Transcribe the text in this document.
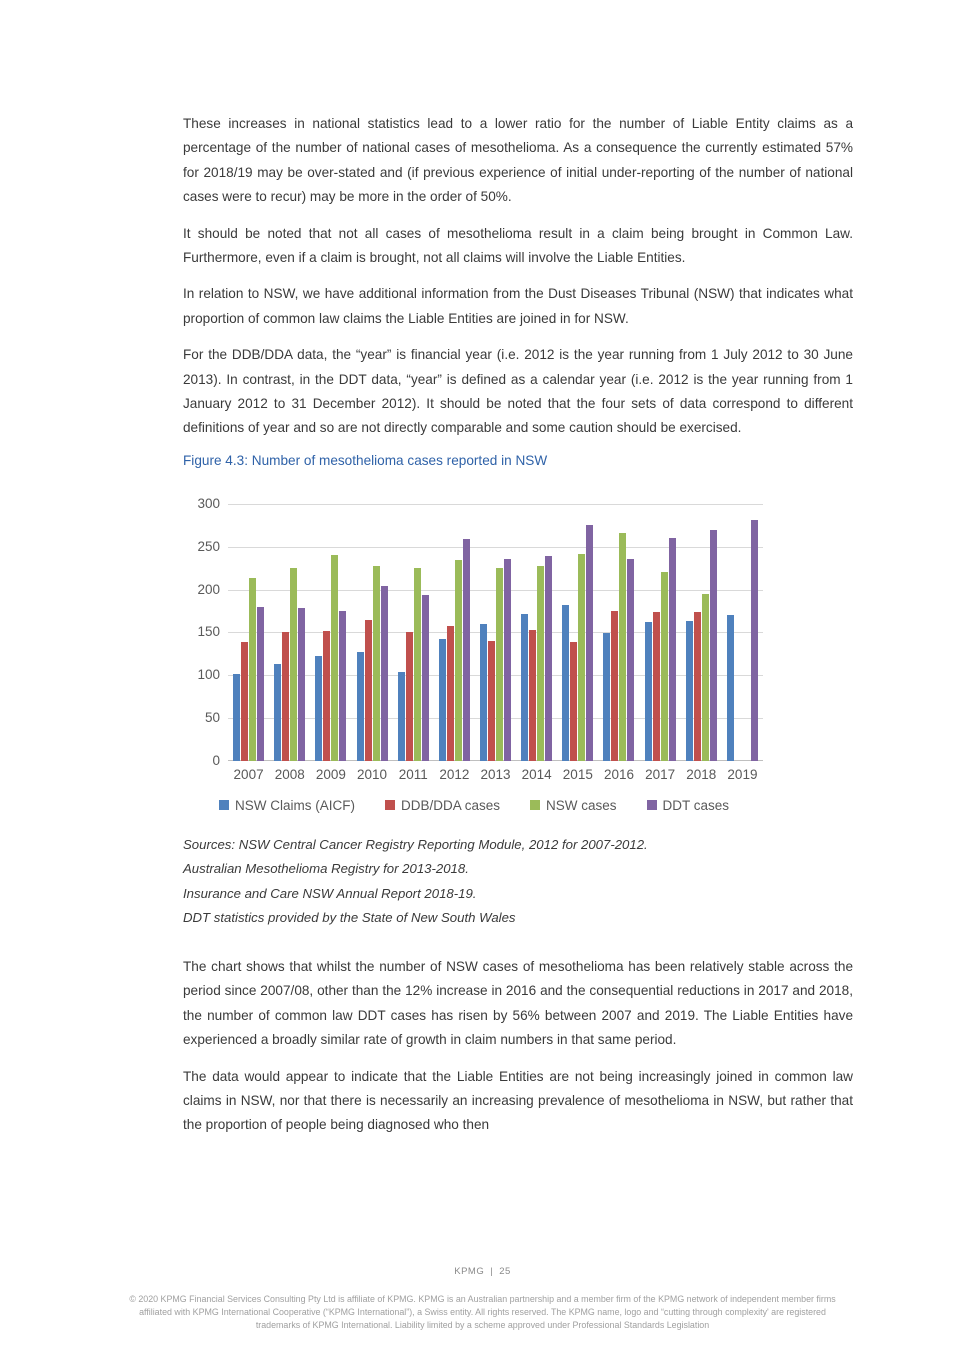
These increases in national statistics lead to a lower ratio for the number of Liable Entity claims as a percentage of the number of national cases of mesothelioma. As a consequence the currently estimated 57% for 2018/19 may be over-stated and (if previous experience of initial under-reporting of the number of national cases were to recur) may be more in the order of 50%.

It should be noted that not all cases of mesothelioma result in a claim being brought in Common Law. Furthermore, even if a claim is brought, not all claims will involve the Liable Entities.

In relation to NSW, we have additional information from the Dust Diseases Tribunal (NSW) that indicates what proportion of common law claims the Liable Entities are joined in for NSW.

For the DDB/DDA data, the “year” is financial year (i.e. 2012 is the year running from 1 July 2012 to 30 June 2013). In contrast, in the DDT data, “year” is defined as a calendar year (i.e. 2012 is the year running from 1 January 2012 to 31 December 2012). It should be noted that the four sets of data correspond to different definitions of year and so are not directly comparable and some caution should be exercised.

Figure 4.3: Number of mesothelioma cases reported in NSW

0
50
100
150
200
250
300
2007 2008 2009 2010 2011 2012 2013 2014 2015 2016 2017 2018 2019
NSW Claims (AICF)	DDB/DDA cases	NSW cases	DDT cases
Sources: NSW Central Cancer Registry Reporting Module, 2012 for 2007-2012.
Australian Mesothelioma Registry for 2013-2018.
Insurance and Care NSW Annual Report 2018-19.
DDT statistics provided by the State of New South Wales

The chart shows that whilst the number of NSW cases of mesothelioma has been relatively stable across the period since 2007/08, other than the 12% increase in 2016 and the consequential reductions in 2017 and 2018, the number of common law DDT cases has risen by 56% between 2007 and 2019. The Liable Entities have experienced a broadly similar rate of growth in claim numbers in that same period.

The data would appear to indicate that the Liable Entities are not being increasingly joined in common law claims in NSW, nor that there is necessarily an increasing prevalence of mesothelioma in NSW, but rather that the proportion of people being diagnosed who then

KPMG | 25
© 2020 KPMG Financial Services Consulting Pty Ltd is affiliate of KPMG. KPMG is an Australian partnership and a member firm of the KPMG network of independent member firms
affiliated with KPMG International Cooperative (“KPMG International”), a Swiss entity. All rights reserved. The KPMG name, logo and “cutting through complexity' are registered
trademarks of KPMG International. Liability limited by a scheme approved under Professional Standards Legislation
